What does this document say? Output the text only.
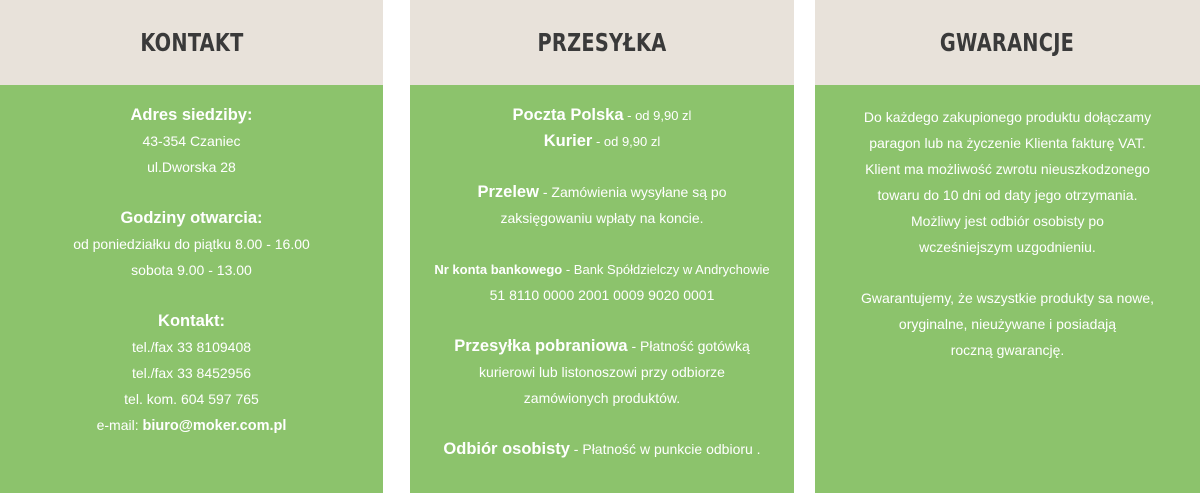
KONTAKT
Adres siedziby:
43-354 Czaniec
ul.Dworska 28
Godziny otwarcia:
od poniedziałku do piątku 8.00 - 16.00
sobota 9.00 - 13.00
Kontakt:
tel./fax 33 8109408
tel./fax 33 8452956
tel. kom. 604 597 765
e-mail: biuro@moker.com.pl
PRZESYŁKA
Poczta Polska - od 9,90 zl
Kurier - od 9,90 zl
Przelew - Zamówienia wysyłane są po
zaksięgowaniu wpłaty na koncie.
Nr konta bankowego - Bank Spółdzielczy w Andrychowie
51 8110 0000 2001 0009 9020 0001
Przesyłka pobraniowa - Płatność gotówką
kurierowi lub listonoszowi przy odbiorze
zamówionych produktów.
Odbiór osobisty - Płatność w punkcie odbioru .
GWARANCJE
Do każdego zakupionego produktu dołączamy
paragon lub na życzenie Klienta fakturę VAT.
Klient ma możliwość zwrotu nieuszkodzonego
towaru do 10 dni od daty jego otrzymania.
Możliwy jest odbiór osobisty po
wcześniejszym uzgodnieniu.
Gwarantujemy, że wszystkie produkty sa nowe,
oryginalne, nieużywane i posiadają
roczną gwarancję.
